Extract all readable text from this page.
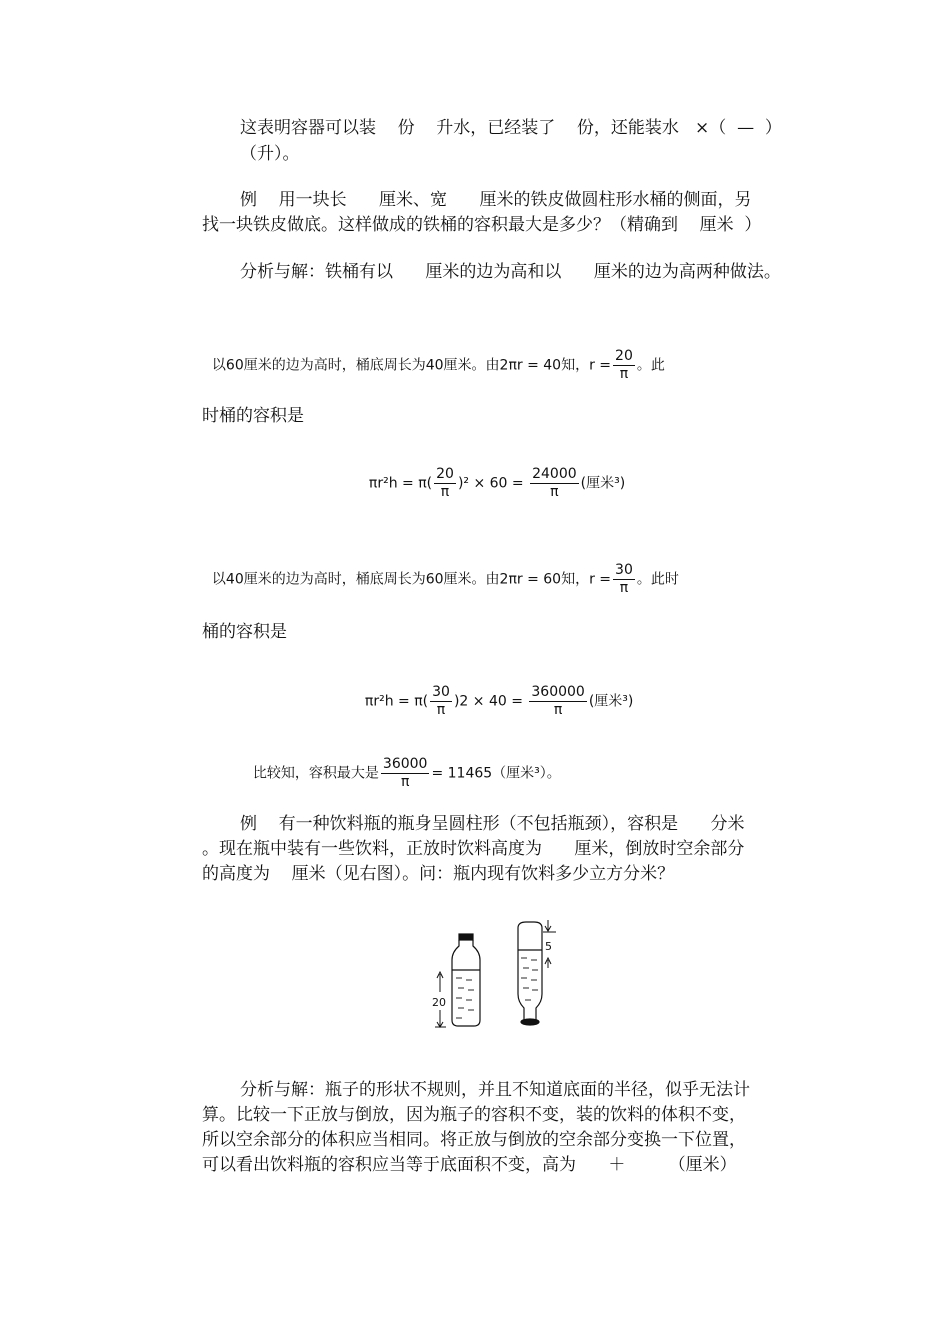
这表明容器可以装    份    升水，已经装了    份，还能装水   ×（  —  ）
（升）。
例    用一块长      厘米、宽      厘米的铁皮做圆柱形水桶的侧面，另
找一块铁皮做底。这样做成的铁桶的容积最大是多少？（精确到    厘米  ）
分析与解：铁桶有以      厘米的边为高和以      厘米的边为高两种做法。

以60厘米的边为高时，桶底周长为40厘米。由2πr = 40知，$r = \frac{20}{\pi}$ 。此

时桶的容积是

$\pi r^2h = \pi( \frac{20}{\pi} )^2 \times 60 = \frac{24000}{\pi}$ (厘米³)

以40厘米的边为高时，桶底周长为60厘米。由2πr = 60知，$r = \frac{30}{\pi}$ 。此时

桶的容积是

$\pi r^2h = \pi( \frac{30}{\pi} )2 \times 40 = \frac{360000}{\pi}$ (厘米³)

比较知，容积最大是 $\frac{36000}{\pi} = 11465$（厘米³）。

例    有一种饮料瓶的瓶身呈圆柱形（不包括瓶颈），容积是      分米
。现在瓶中装有一些饮料，正放时饮料高度为      厘米，倒放时空余部分
的高度为    厘米（见右图）。问：瓶内现有饮料多少立方分米？
20
5
分析与解：瓶子的形状不规则，并且不知道底面的半径，似乎无法计
算。比较一下正放与倒放，因为瓶子的容积不变，装的饮料的体积不变，
所以空余部分的体积应当相同。将正放与倒放的空余部分变换一下位置，
可以看出饮料瓶的容积应当等于底面积不变，高为      ＋        （厘米）
